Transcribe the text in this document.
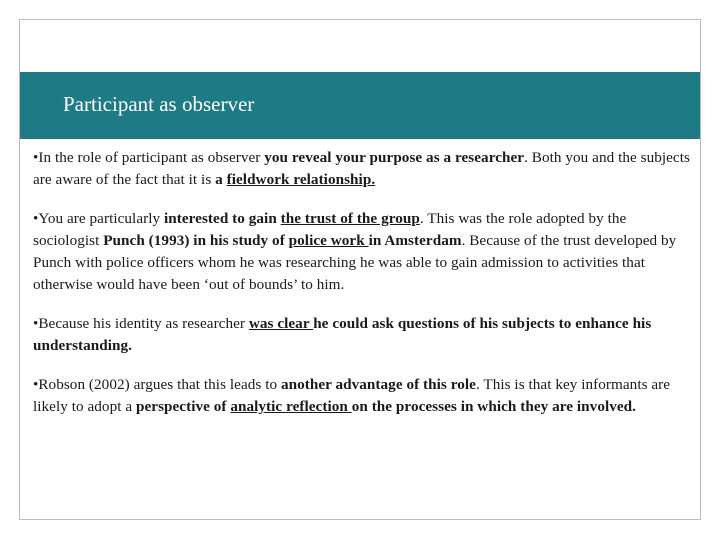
Participant as observer

•In the role of participant as observer you reveal your purpose as a researcher. Both you and the subjects are aware of the fact that it is a fieldwork relationship.

•You are particularly interested to gain the trust of the group. This was the role adopted by the sociologist Punch (1993) in his study of police work in Amsterdam. Because of the trust developed by Punch with police officers whom he was researching he was able to gain admission to activities that otherwise would have been ‘out of bounds’ to him.

•Because his identity as researcher was clear he could ask questions of his subjects to enhance his understanding.

•Robson (2002) argues that this leads to another advantage of this role. This is that key informants are likely to adopt a perspective of analytic reflection on the processes in which they are involved.
